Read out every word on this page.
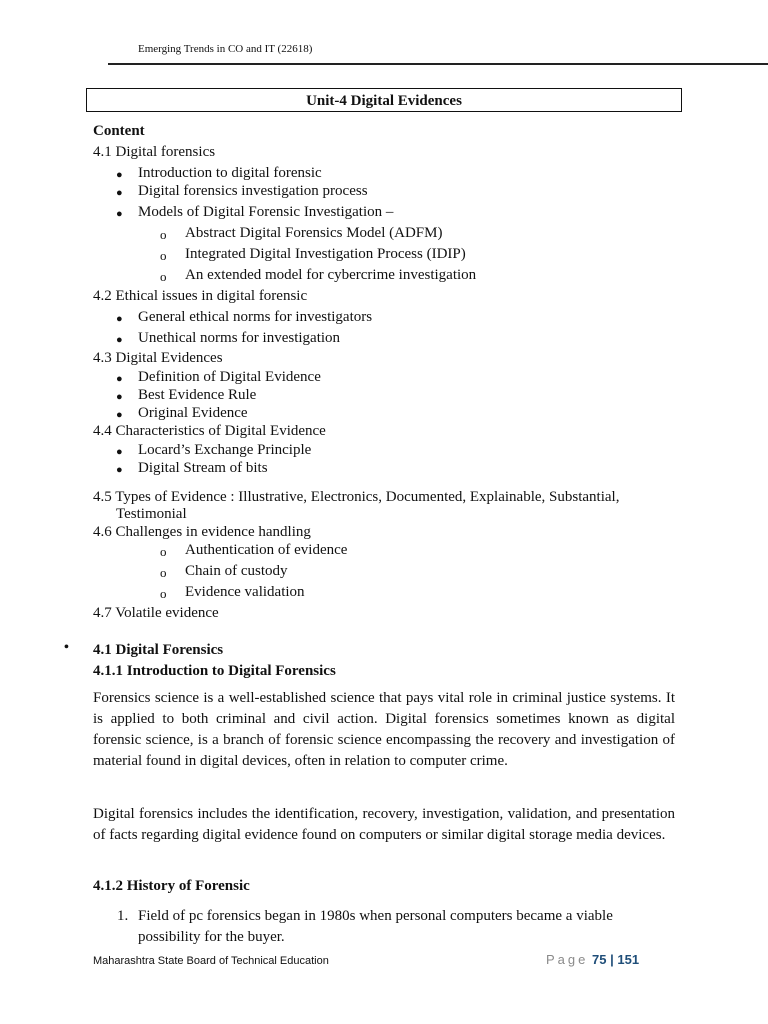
Emerging Trends in CO and IT (22618)
Unit-4 Digital Evidences
Content
4.1 Digital forensics
● Introduction to digital forensic
● Digital forensics investigation process
● Models of Digital Forensic Investigation –
o Abstract Digital Forensics Model (ADFM)
o Integrated Digital Investigation Process (IDIP)
o An extended model for cybercrime investigation
4.2 Ethical issues in digital forensic
● General ethical norms for investigators
● Unethical norms for investigation
4.3 Digital Evidences
● Definition of Digital Evidence
● Best Evidence Rule
● Original Evidence
4.4 Characteristics of Digital Evidence
● Locard’s Exchange Principle
● Digital Stream of bits
4.5 Types of Evidence : Illustrative, Electronics, Documented, Explainable, Substantial,
Testimonial
4.6 Challenges in evidence handling
o Authentication of evidence
o Chain of custody
o Evidence validation
4.7 Volatile evidence
• 4.1 Digital Forensics
4.1.1 Introduction to Digital Forensics
Forensics science is a well-established science that pays vital role in criminal justice systems. It is applied to both criminal and civil action. Digital forensics sometimes known as digital forensic science, is a branch of forensic science encompassing the recovery and investigation of material found in digital devices, often in relation to computer crime.
Digital forensics includes the identification, recovery, investigation, validation, and presentation of facts regarding digital evidence found on computers or similar digital storage media devices.
4.1.2 History of Forensic
1. Field of pc forensics began in 1980s when personal computers became a viable
possibility for the buyer.
Maharashtra State Board of Technical Education	Page 75 | 151
